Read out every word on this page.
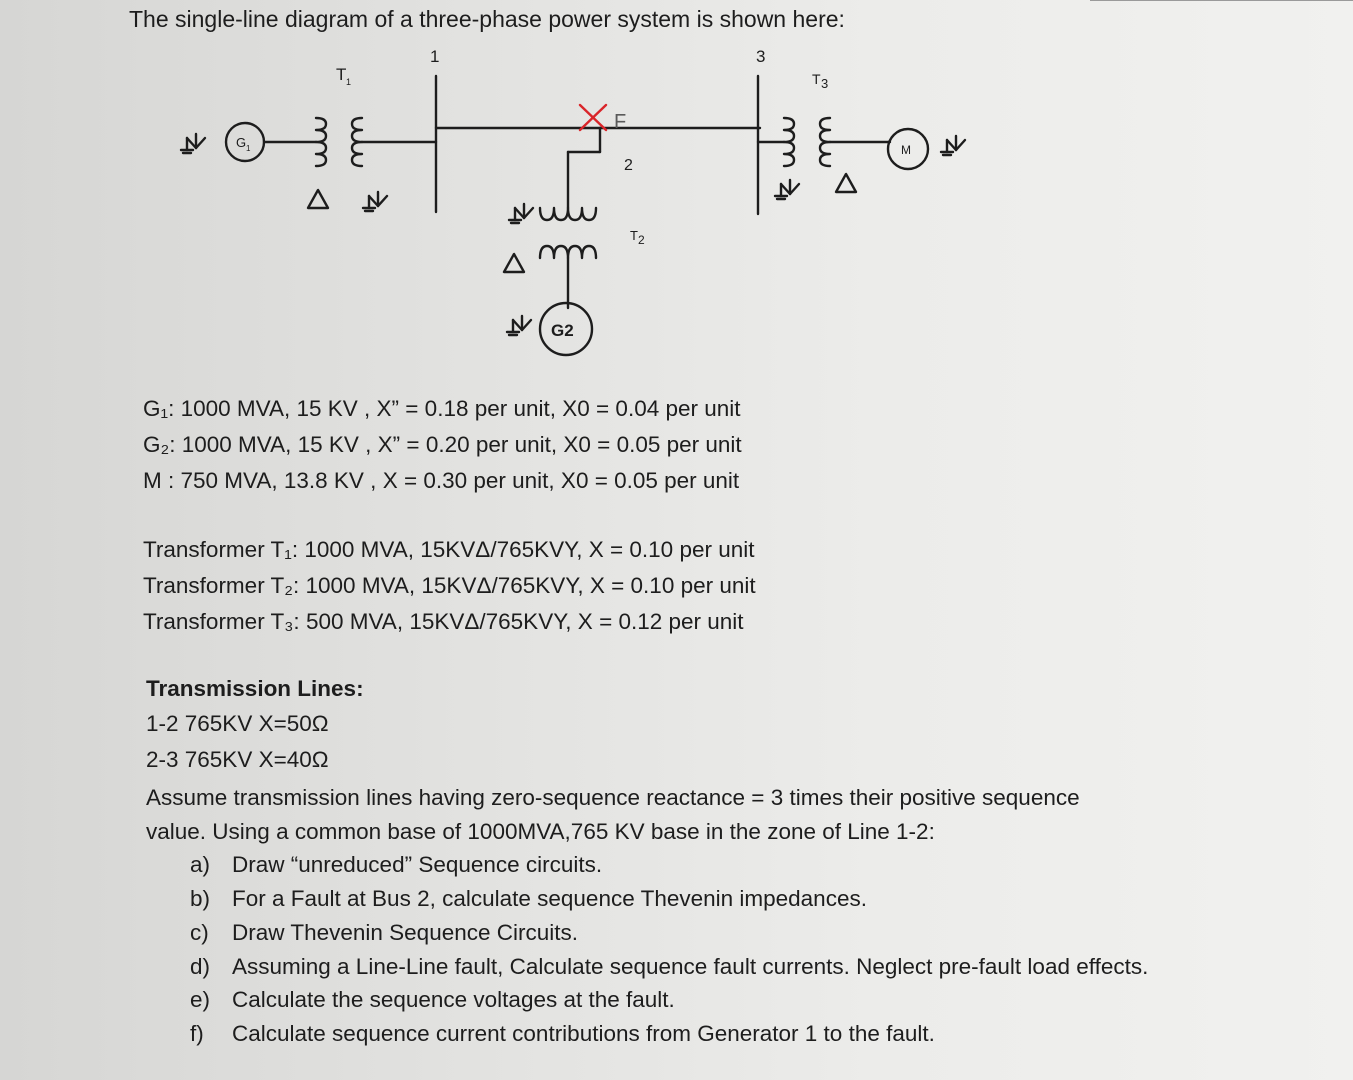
The single-line diagram of a three-phase power system is shown here:
G 1
T 1
1
F
2
T 2
G2
3
T 3
M
G₁: 1000 MVA, 15 KV , X” = 0.18 per unit, X0 = 0.04 per unit
G₂: 1000 MVA, 15 KV , X” = 0.20 per unit, X0 = 0.05 per unit
M : 750 MVA, 13.8 KV , X = 0.30 per unit, X0 = 0.05 per unit
Transformer T₁: 1000 MVA, 15KVΔ/765KVY, X = 0.10 per unit
Transformer T₂: 1000 MVA, 15KVΔ/765KVY, X = 0.10 per unit
Transformer T₃: 500 MVA, 15KVΔ/765KVY, X = 0.12 per unit
Transmission Lines:
1-2 765KV X=50Ω
2-3 765KV X=40Ω
Assume transmission lines having zero-sequence reactance = 3 times their positive sequence
value. Using a common base of 1000MVA,765 KV base in the zone of Line 1-2:
a) Draw “unreduced” Sequence circuits.
b) For a Fault at Bus 2, calculate sequence Thevenin impedances.
c) Draw Thevenin Sequence Circuits.
d) Assuming a Line-Line fault, Calculate sequence fault currents. Neglect pre-fault load effects.
e) Calculate the sequence voltages at the fault.
f) Calculate sequence current contributions from Generator 1 to the fault.
